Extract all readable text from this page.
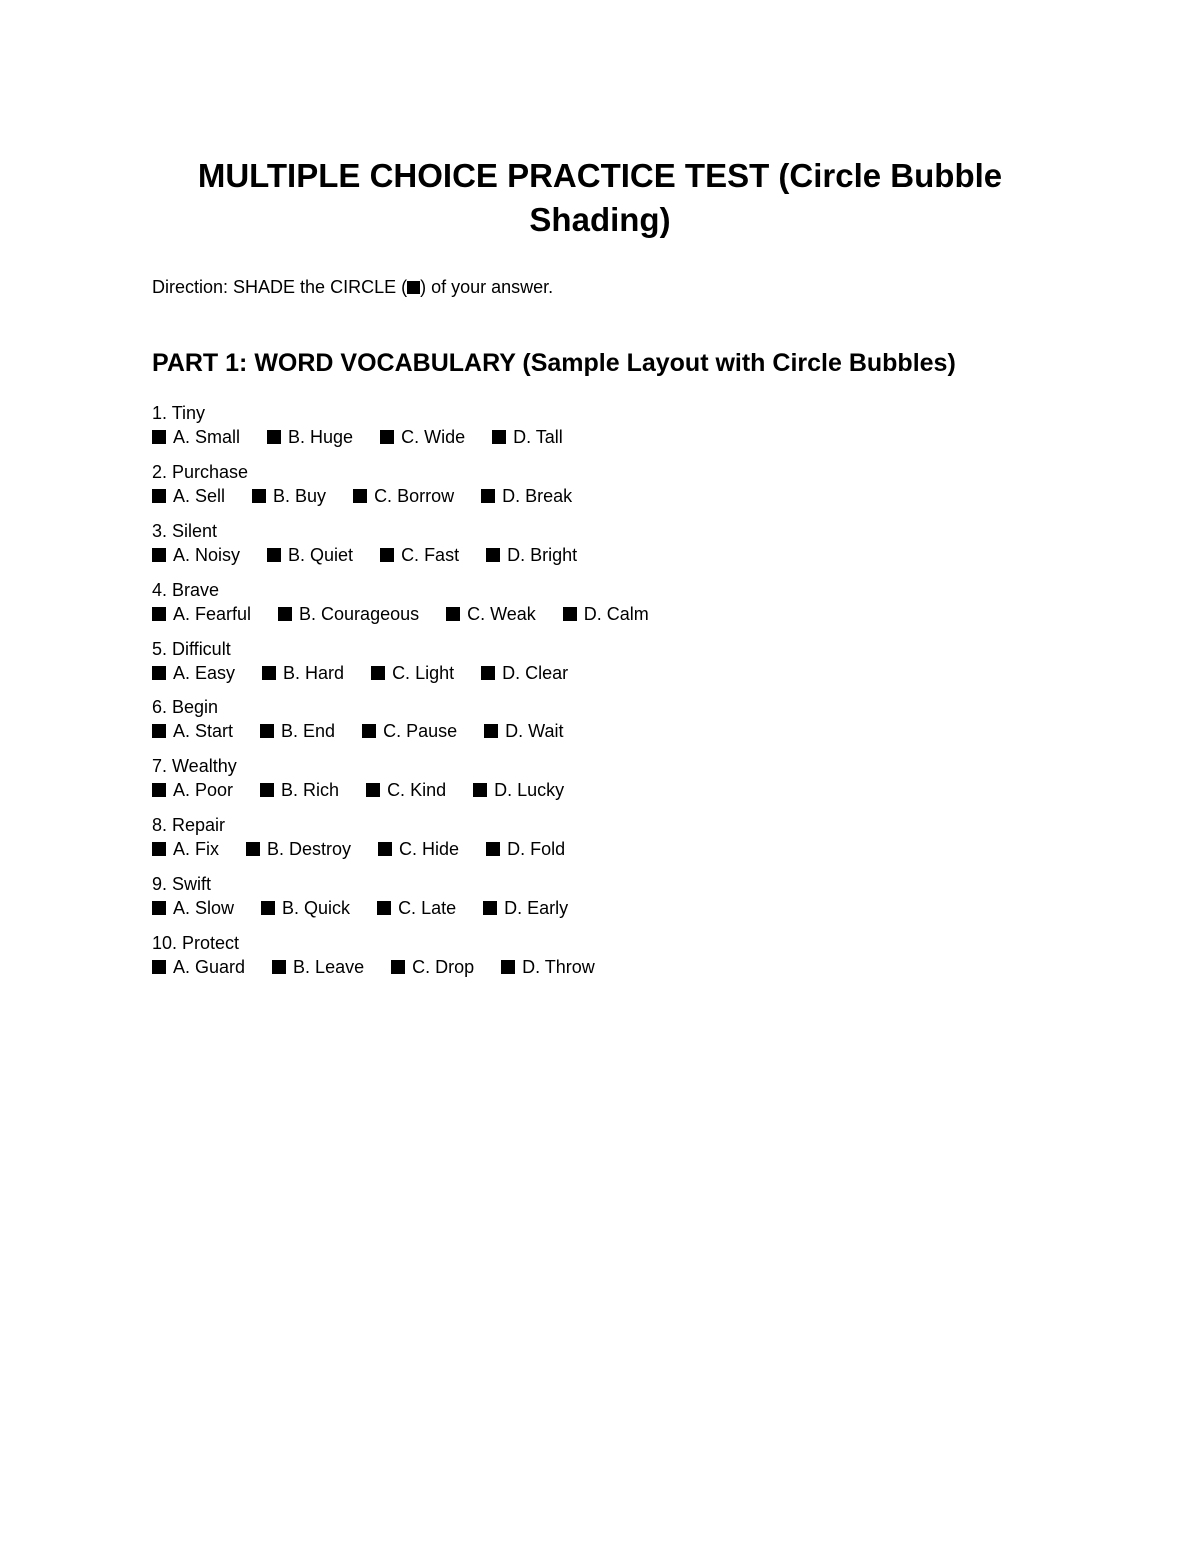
MULTIPLE CHOICE PRACTICE TEST (Circle Bubble Shading)
Direction: SHADE the CIRCLE ( ) of your answer.
PART 1: WORD VOCABULARY (Sample Layout with Circle Bubbles)
1. Tiny
A. Small	B. Huge	C. Wide	D. Tall
2. Purchase
A. Sell	B. Buy	C. Borrow	D. Break
3. Silent
A. Noisy	B. Quiet	C. Fast	D. Bright
4. Brave
A. Fearful	B. Courageous	C. Weak	D. Calm
5. Difficult
A. Easy	B. Hard	C. Light	D. Clear
6. Begin
A. Start	B. End	C. Pause	D. Wait
7. Wealthy
A. Poor	B. Rich	C. Kind	D. Lucky
8. Repair
A. Fix	B. Destroy	C. Hide	D. Fold
9. Swift
A. Slow	B. Quick	C. Late	D. Early
10. Protect
A. Guard	B. Leave	C. Drop	D. Throw
